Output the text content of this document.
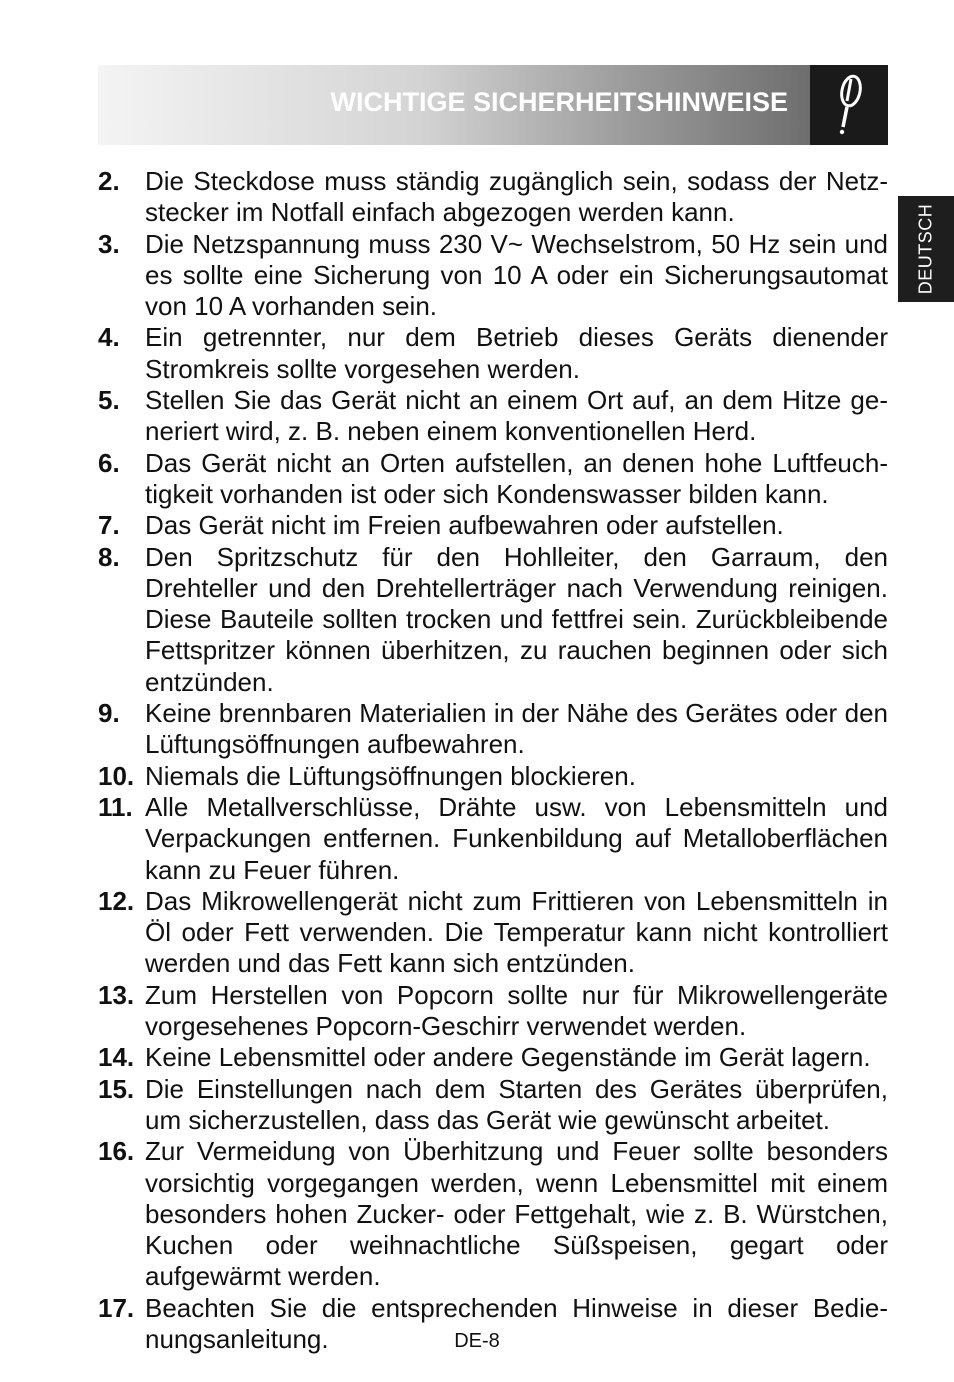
WICHTIGE SICHERHEITSHINWEISE
DEUTSCH
2. Die Steckdose muss ständig zugänglich sein, sodass der Netzstecker im Notfall einfach abgezogen werden kann.
3. Die Netzspannung muss 230 V~ Wechselstrom, 50 Hz sein und es sollte eine Sicherung von 10 A oder ein Sicherungsautomat von 10 A vorhanden sein.
4. Ein getrennter, nur dem Betrieb dieses Geräts dienender Stromkreis sollte vorgesehen werden.
5. Stellen Sie das Gerät nicht an einem Ort auf, an dem Hitze generiert wird, z. B. neben einem konventionellen Herd.
6. Das Gerät nicht an Orten aufstellen, an denen hohe Luftfeuchtigkeit vorhanden ist oder sich Kondenswasser bilden kann.
7. Das Gerät nicht im Freien aufbewahren oder aufstellen.
8. Den Spritzschutz für den Hohlleiter, den Garraum, den Drehteller und den Drehtellerträger nach Verwendung reinigen. Diese Bauteile sollten trocken und fettfrei sein. Zurückbleibende Fettspritzer können überhitzen, zu rauchen beginnen oder sich entzünden.
9. Keine brennbaren Materialien in der Nähe des Gerätes oder den Lüftungsöffnungen aufbewahren.
10. Niemals die Lüftungsöffnungen blockieren.
11. Alle Metallverschlüsse, Drähte usw. von Lebensmitteln und Verpackungen entfernen. Funkenbildung auf Metalloberflächen kann zu Feuer führen.
12. Das Mikrowellengerät nicht zum Frittieren von Lebensmitteln in Öl oder Fett verwenden. Die Temperatur kann nicht kontrolliert werden und das Fett kann sich entzünden.
13. Zum Herstellen von Popcorn sollte nur für Mikrowellengeräte vorgesehenes Popcorn-Geschirr verwendet werden.
14. Keine Lebensmittel oder andere Gegenstände im Gerät lagern.
15. Die Einstellungen nach dem Starten des Gerätes überprüfen, um sicherzustellen, dass das Gerät wie gewünscht arbeitet.
16. Zur Vermeidung von Überhitzung und Feuer sollte besonders vorsichtig vorgegangen werden, wenn Lebensmittel mit einem besonders hohen Zucker- oder Fettgehalt, wie z. B. Würstchen, Kuchen oder weihnachtliche Süßspeisen, gegart oder aufgewärmt werden.
17. Beachten Sie die entsprechenden Hinweise in dieser Bedienungsanleitung.	DE-8
